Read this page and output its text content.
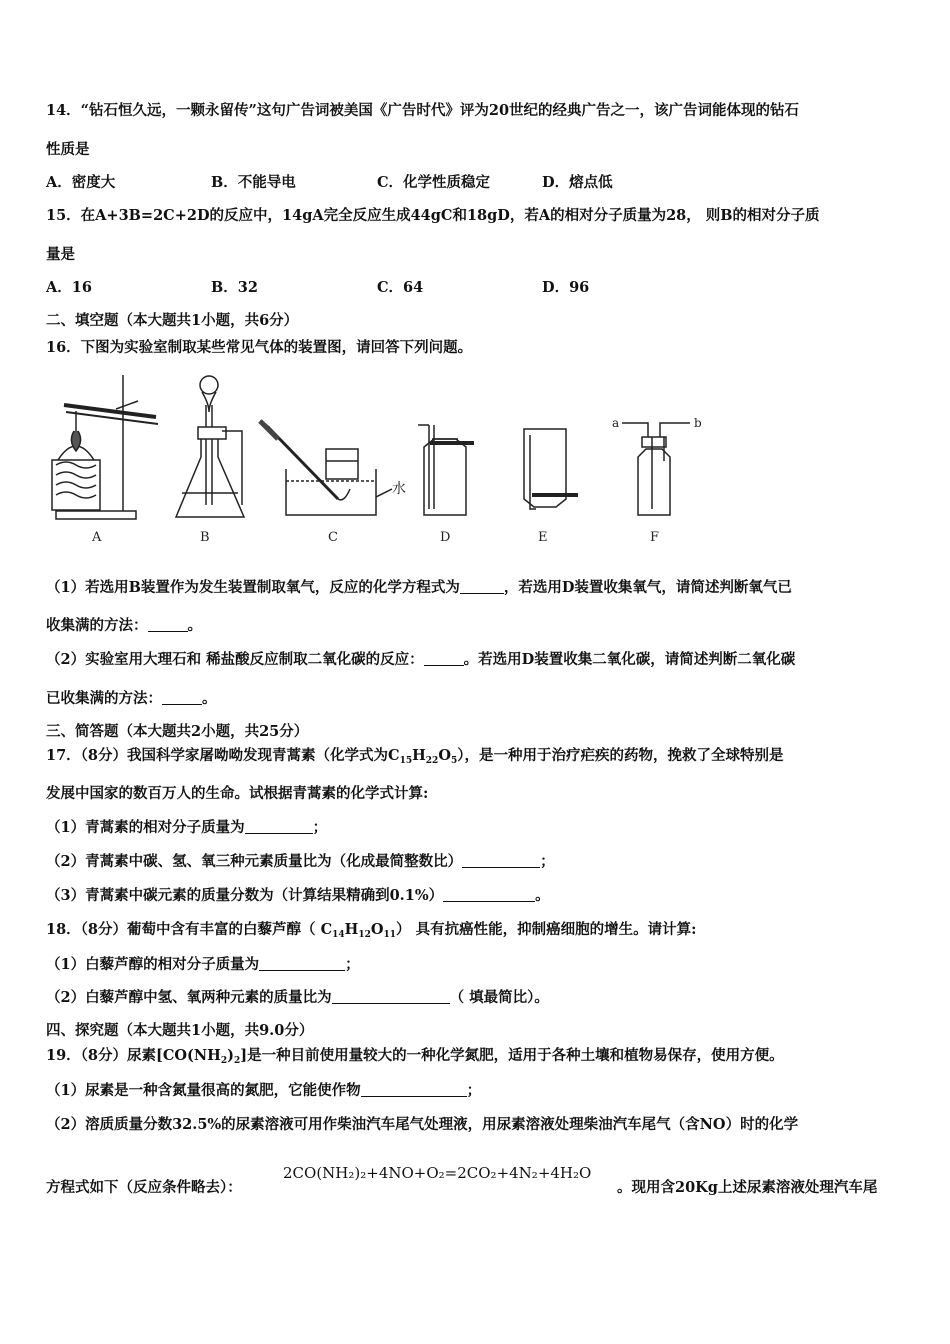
14．“钻石恒久远，一颗永留传”这句广告词被美国《广告时代》评为20世纪的经典广告之一，该广告词能体现的钻石
性质是
A．密度大	B．不能导电	C．化学性质稳定	D．熔点低
15．在A+3B=2C+2D的反应中，14gA完全反应生成44gC和18gD，若A的相对分子质量为28， 则B的相对分子质
量是
A．16	B．32	C．64	D．96
二、填空题（本大题共1小题，共6分）
16．下图为实验室制取某些常见气体的装置图，请回答下列问题。
A	B
水
C	D	E
a	b
F
（1）若选用B装置作为发生装置制取氧气，反应的化学方程式为	，若选用D装置收集氧气，请简述判断氧气已
收集满的方法：	。
（2）实验室用大理石和 稀盐酸反应制取二氧化碳的反应：	。若选用D装置收集二氧化碳，请简述判断二氧化碳
已收集满的方法：	。
三、简答题（本大题共2小题，共25分）
17．（8分）我国科学家屠呦呦发现青蒿素（化学式为$C_{15}H_{22}O_5$），是一种用于治疗疟疾的药物，挽救了全球特别是
发展中国家的数百万人的生命。试根据青蒿素的化学式计算:
（1）青蒿素的相对分子质量为	；
（2）青蒿素中碳、氢、氧三种元素质量比为（化成最简整数比）	；
（3）青蒿素中碳元素的质量分数为（计算结果精确到0.1%）	。
18．（8分）葡萄中含有丰富的白藜芦醇（ $C_{14}H_{12}O_{11}$） 具有抗癌性能，抑制癌细胞的增生。请计算:
（1）白藜芦醇的相对分子质量为	；
（2）白藜芦醇中氢、氧两种元素的质量比为	（ 填最简比）。
四、探究题（本大题共1小题，共9.0分）
19．（8分）尿素$[CO(NH_2)_2]$是一种目前使用量较大的一种化学氮肥，适用于各种土壤和植物易保存，使用方便。
（1）尿素是一种含氮量很高的氮肥，它能使作物	；
（2）溶质质量分数32.5%的尿素溶液可用作柴油汽车尾气处理液，用尿素溶液处理柴油汽车尾气（含NO）时的化学
方程式如下（反应条件略去）：
2CO(NH₂)₂+4NO+O₂=2CO₂+4N₂+4H₂O
。现用含20Kg上述尿素溶液处理汽车尾
